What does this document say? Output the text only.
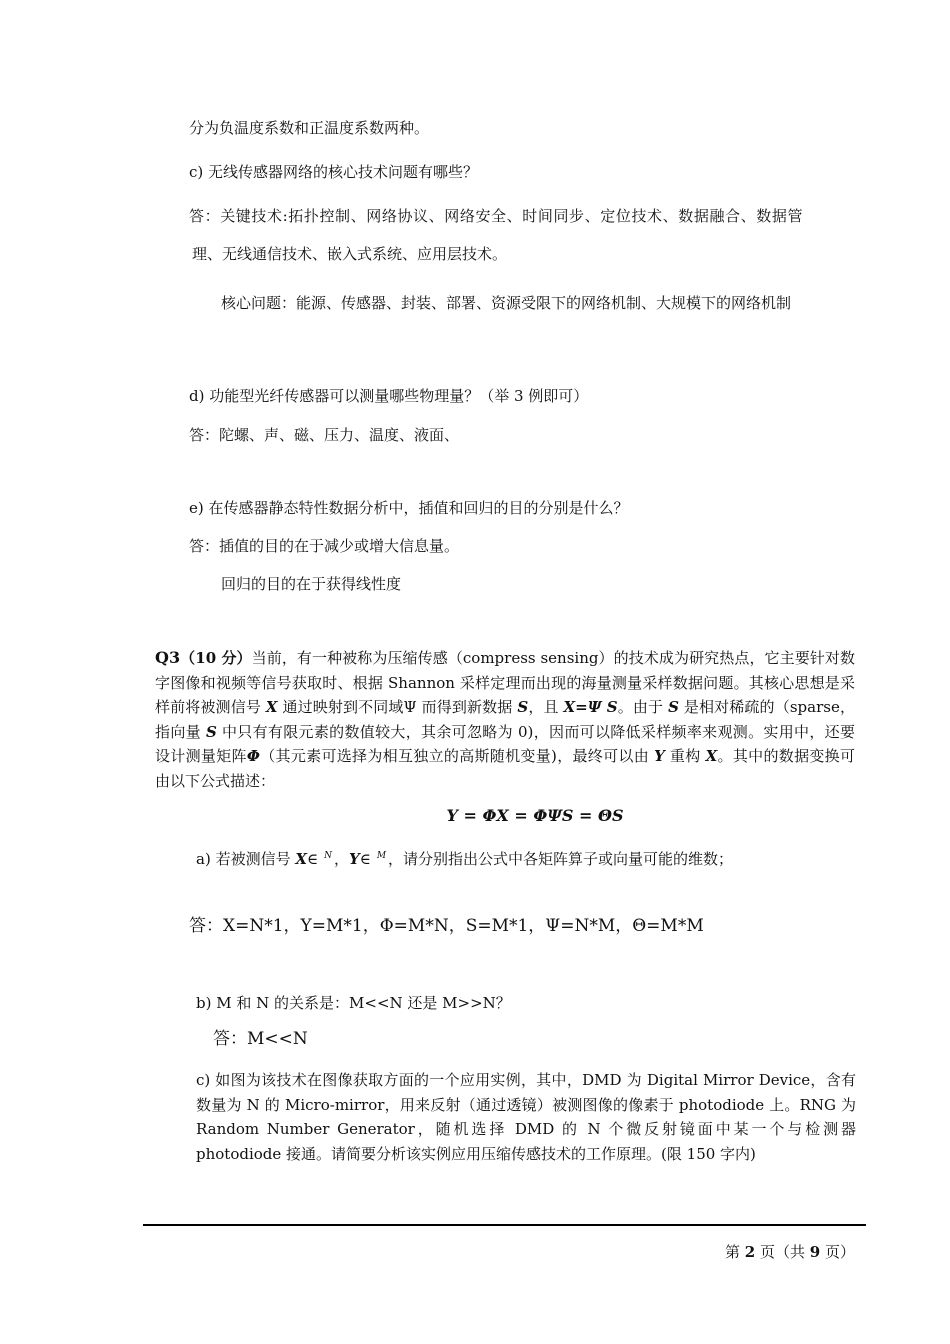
分为负温度系数和正温度系数两种。
c) 无线传感器网络的核心技术问题有哪些？
答：关键技术:拓扑控制、网络协议、网络安全、时间同步、定位技术、数据融合、数据管
理、无线通信技术、嵌入式系统、应用层技术。
核心问题：能源、传感器、封装、部署、资源受限下的网络机制、大规模下的网络机制
d) 功能型光纤传感器可以测量哪些物理量？（举 3 例即可）
答：陀螺、声、磁、压力、温度、液面、
e) 在传感器静态特性数据分析中，插值和回归的目的分别是什么？
答：插值的目的在于减少或增大信息量。
回归的目的在于获得线性度
Q3（10 分）当前，有一种被称为压缩传感（compress sensing）的技术成为研究热点，它主要针对数字图像和视频等信号获取时、根据 Shannon 采样定理而出现的海量测量采样数据问题。其核心思想是采样前将被测信号 X 通过映射到不同域Ψ 而得到新数据 S，且 X=Ψ S。由于 S 是相对稀疏的（sparse，指向量 S 中只有有限元素的数值较大，其余可忽略为 0)，因而可以降低采样频率来观测。实用中，还要设计测量矩阵Φ（其元素可选择为相互独立的高斯随机变量)，最终可以由 Y 重构 X。其中的数据变换可由以下公式描述：
Y = ΦX = ΦΨS = ΘS
a) 若被测信号 X∈ $^N$ ，Y∈ $^M$ ，请分别指出公式中各矩阵算子或向量可能的维数；
答：X=N*1，Y=M*1，Φ=M*N，S=M*1，Ψ=N*M，Θ=M*M
b) M 和 N 的关系是：M<<N 还是 M>>N？
答：M<<N
c) 如图为该技术在图像获取方面的一个应用实例，其中，DMD 为 Digital Mirror Device，含有数量为 N 的 Micro-mirror，用来反射（通过透镜）被测图像的像素于 photodiode 上。RNG 为 Random Number Generator，随机选择 DMD 的 N 个微反射镜面中某一个与检测器 photodiode 接通。请简要分析该实例应用压缩传感技术的工作原理。(限 150 字内)
第 2 页（共 9 页）
